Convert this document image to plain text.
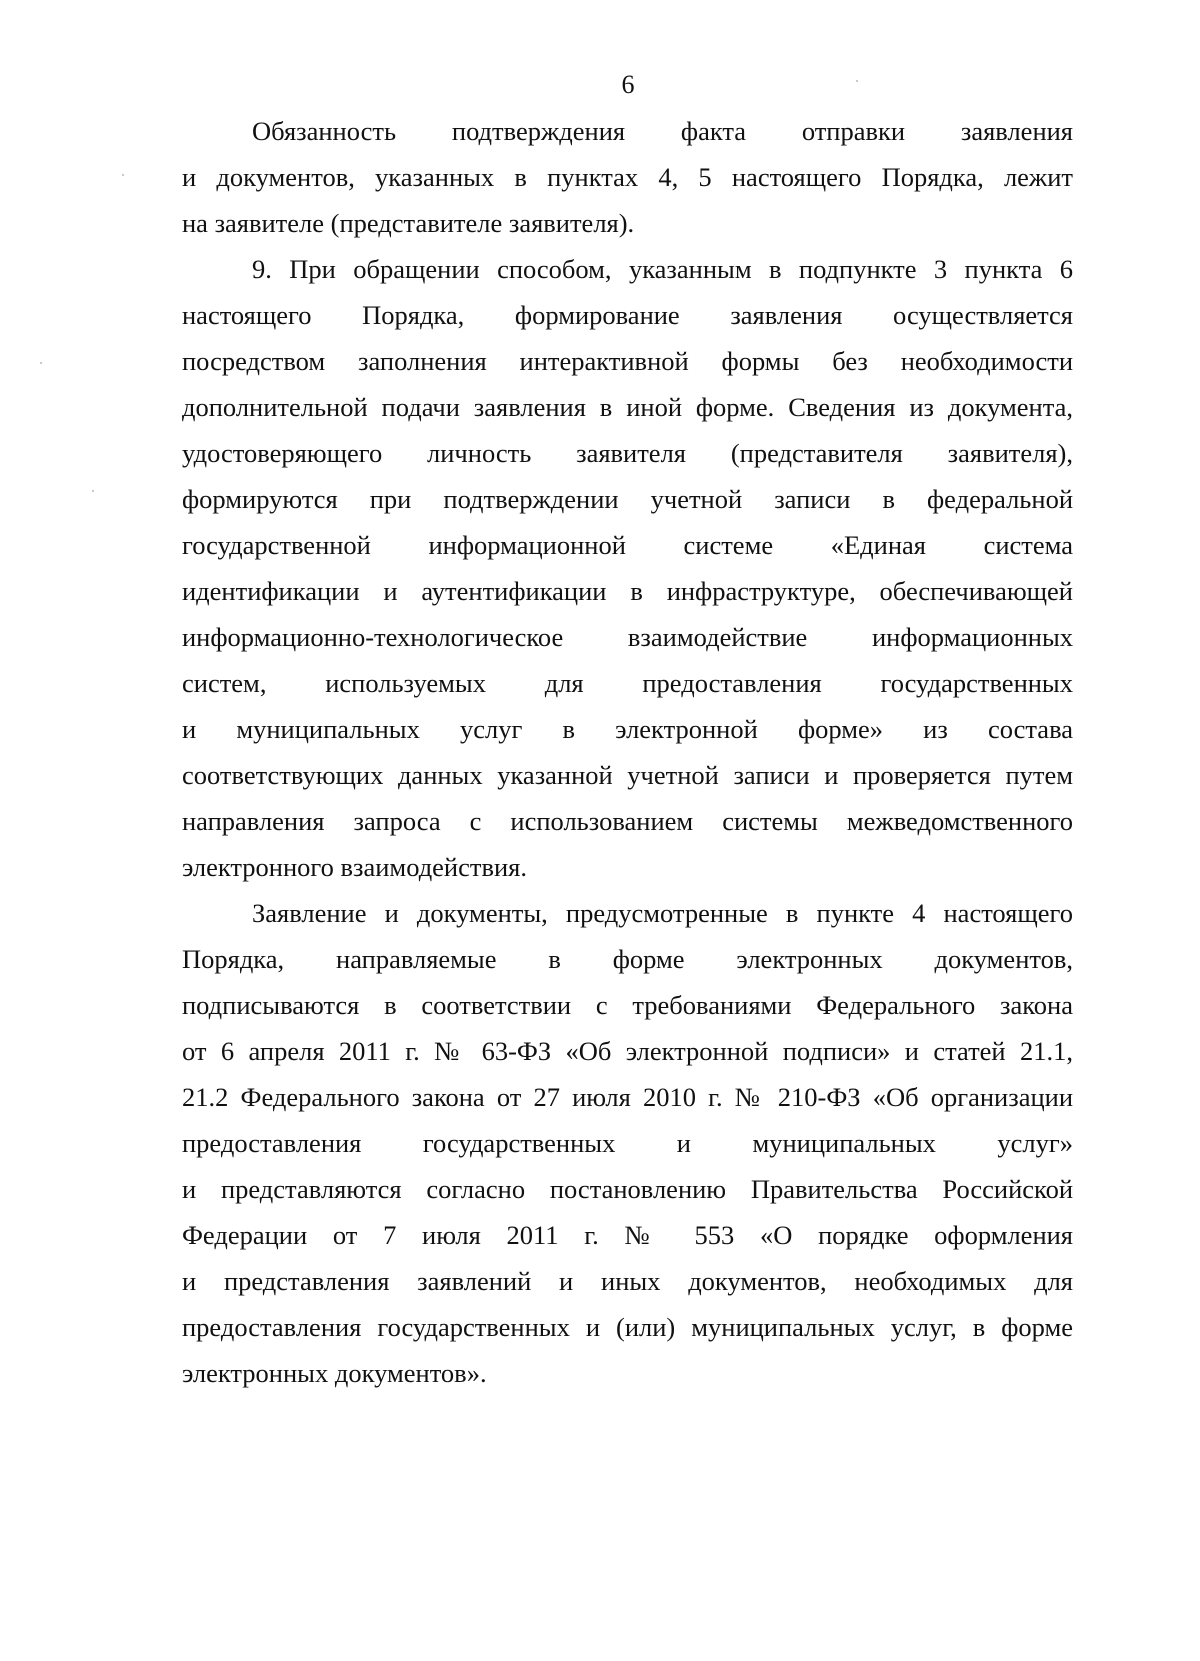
6
Обязанность подтверждения факта отправки заявления
и документов, указанных в пунктах 4, 5 настоящего Порядка, лежит
на заявителе (представителе заявителя).
9. При обращении способом, указанным в подпункте 3 пункта 6
настоящего Порядка, формирование заявления осуществляется
посредством заполнения интерактивной формы без необходимости
дополнительной подачи заявления в иной форме. Сведения из документа,
удостоверяющего личность заявителя (представителя заявителя),
формируются при подтверждении учетной записи в федеральной
государственной информационной системе «Единая система
идентификации и аутентификации в инфраструктуре, обеспечивающей
информационно-технологическое взаимодействие информационных
систем, используемых для предоставления государственных
и муниципальных услуг в электронной форме» из состава
соответствующих данных указанной учетной записи и проверяется путем
направления запроса с использованием системы межведомственного
электронного взаимодействия.
Заявление и документы, предусмотренные в пункте 4 настоящего
Порядка, направляемые в форме электронных документов,
подписываются в соответствии с требованиями Федерального закона
от 6 апреля 2011 г. № 63-ФЗ «Об электронной подписи» и статей 21.1,
21.2 Федерального закона от 27 июля 2010 г. № 210-ФЗ «Об организации
предоставления государственных и муниципальных услуг»
и представляются согласно постановлению Правительства Российской
Федерации от 7 июля 2011 г. № 553 «О порядке оформления
и представления заявлений и иных документов, необходимых для
предоставления государственных и (или) муниципальных услуг, в форме
электронных документов».
